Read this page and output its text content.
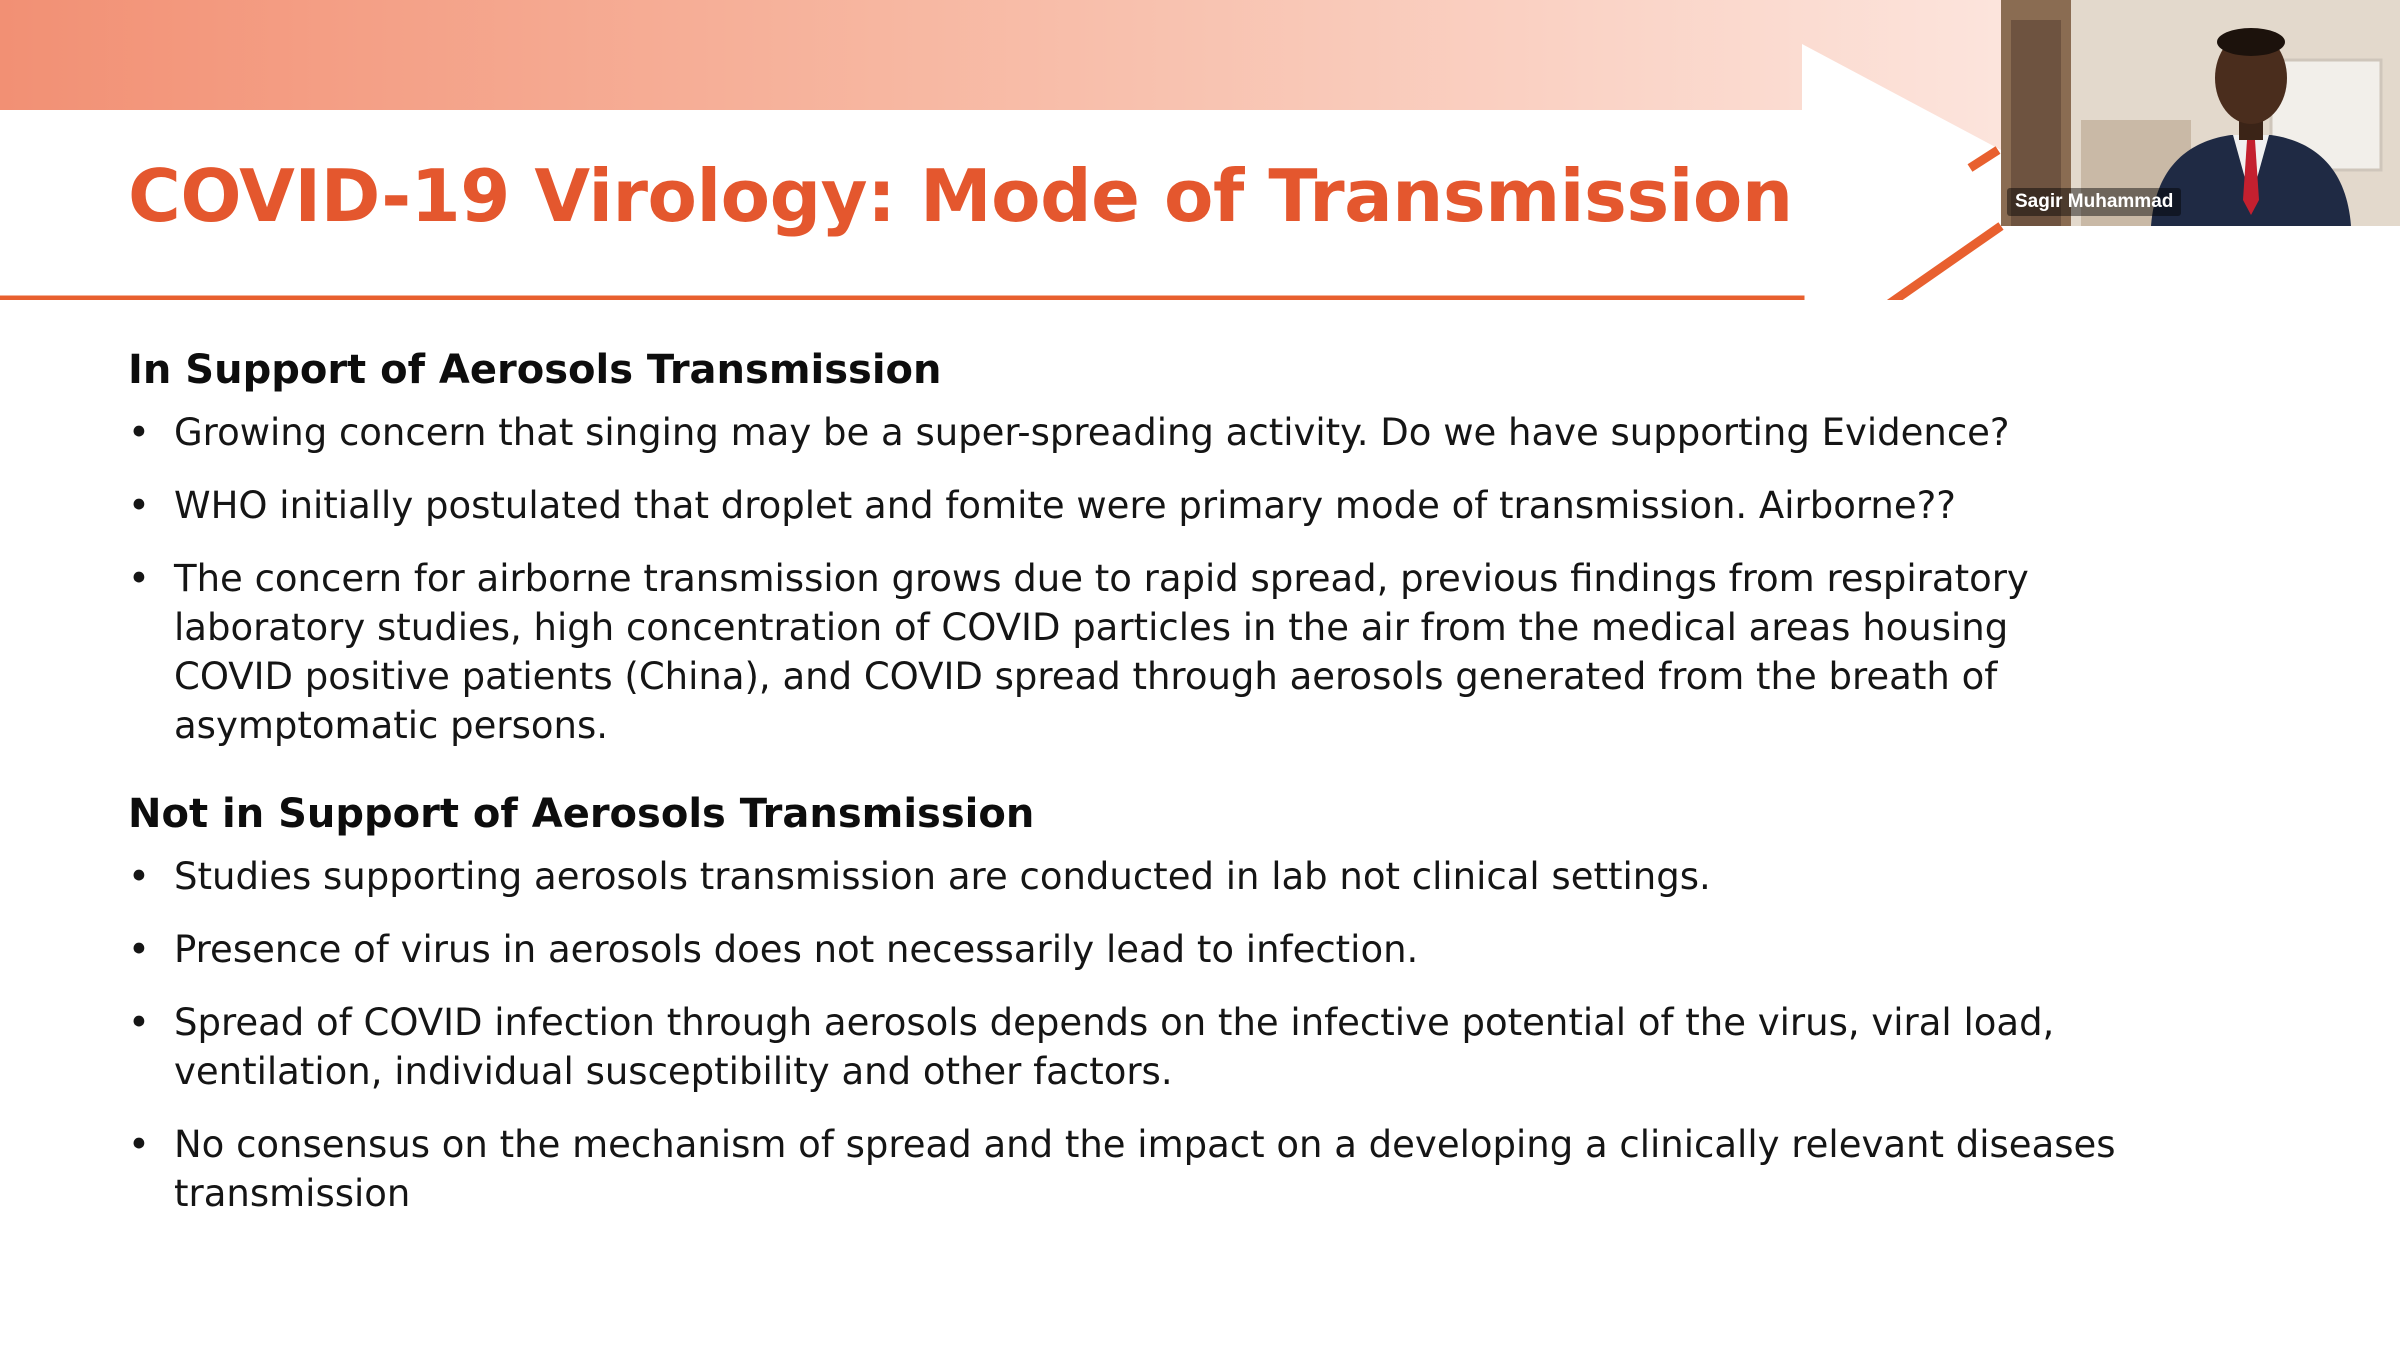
COVID-19 Virology: Mode of Transmission
In Support of Aerosols Transmission
• Growing concern that singing may be a super-spreading activity. Do we have supporting Evidence?
• WHO initially postulated that droplet and fomite were primary mode of transmission. Airborne??
• The concern for airborne transmission grows due to rapid spread, previous findings from respiratory laboratory studies, high concentration of COVID particles in the air from the medical areas housing COVID positive patients (China), and COVID spread through aerosols generated from the breath of asymptomatic persons.
Not in Support of Aerosols Transmission
• Studies supporting aerosols transmission are conducted in lab not clinical settings.
• Presence of virus in aerosols does not necessarily lead to infection.
• Spread of COVID infection through aerosols depends on the infective potential of the virus, viral load, ventilation, individual susceptibility and other factors.
• No consensus on the mechanism of spread and the impact on a developing a clinically relevant diseases transmission
Sagir Muhammad
